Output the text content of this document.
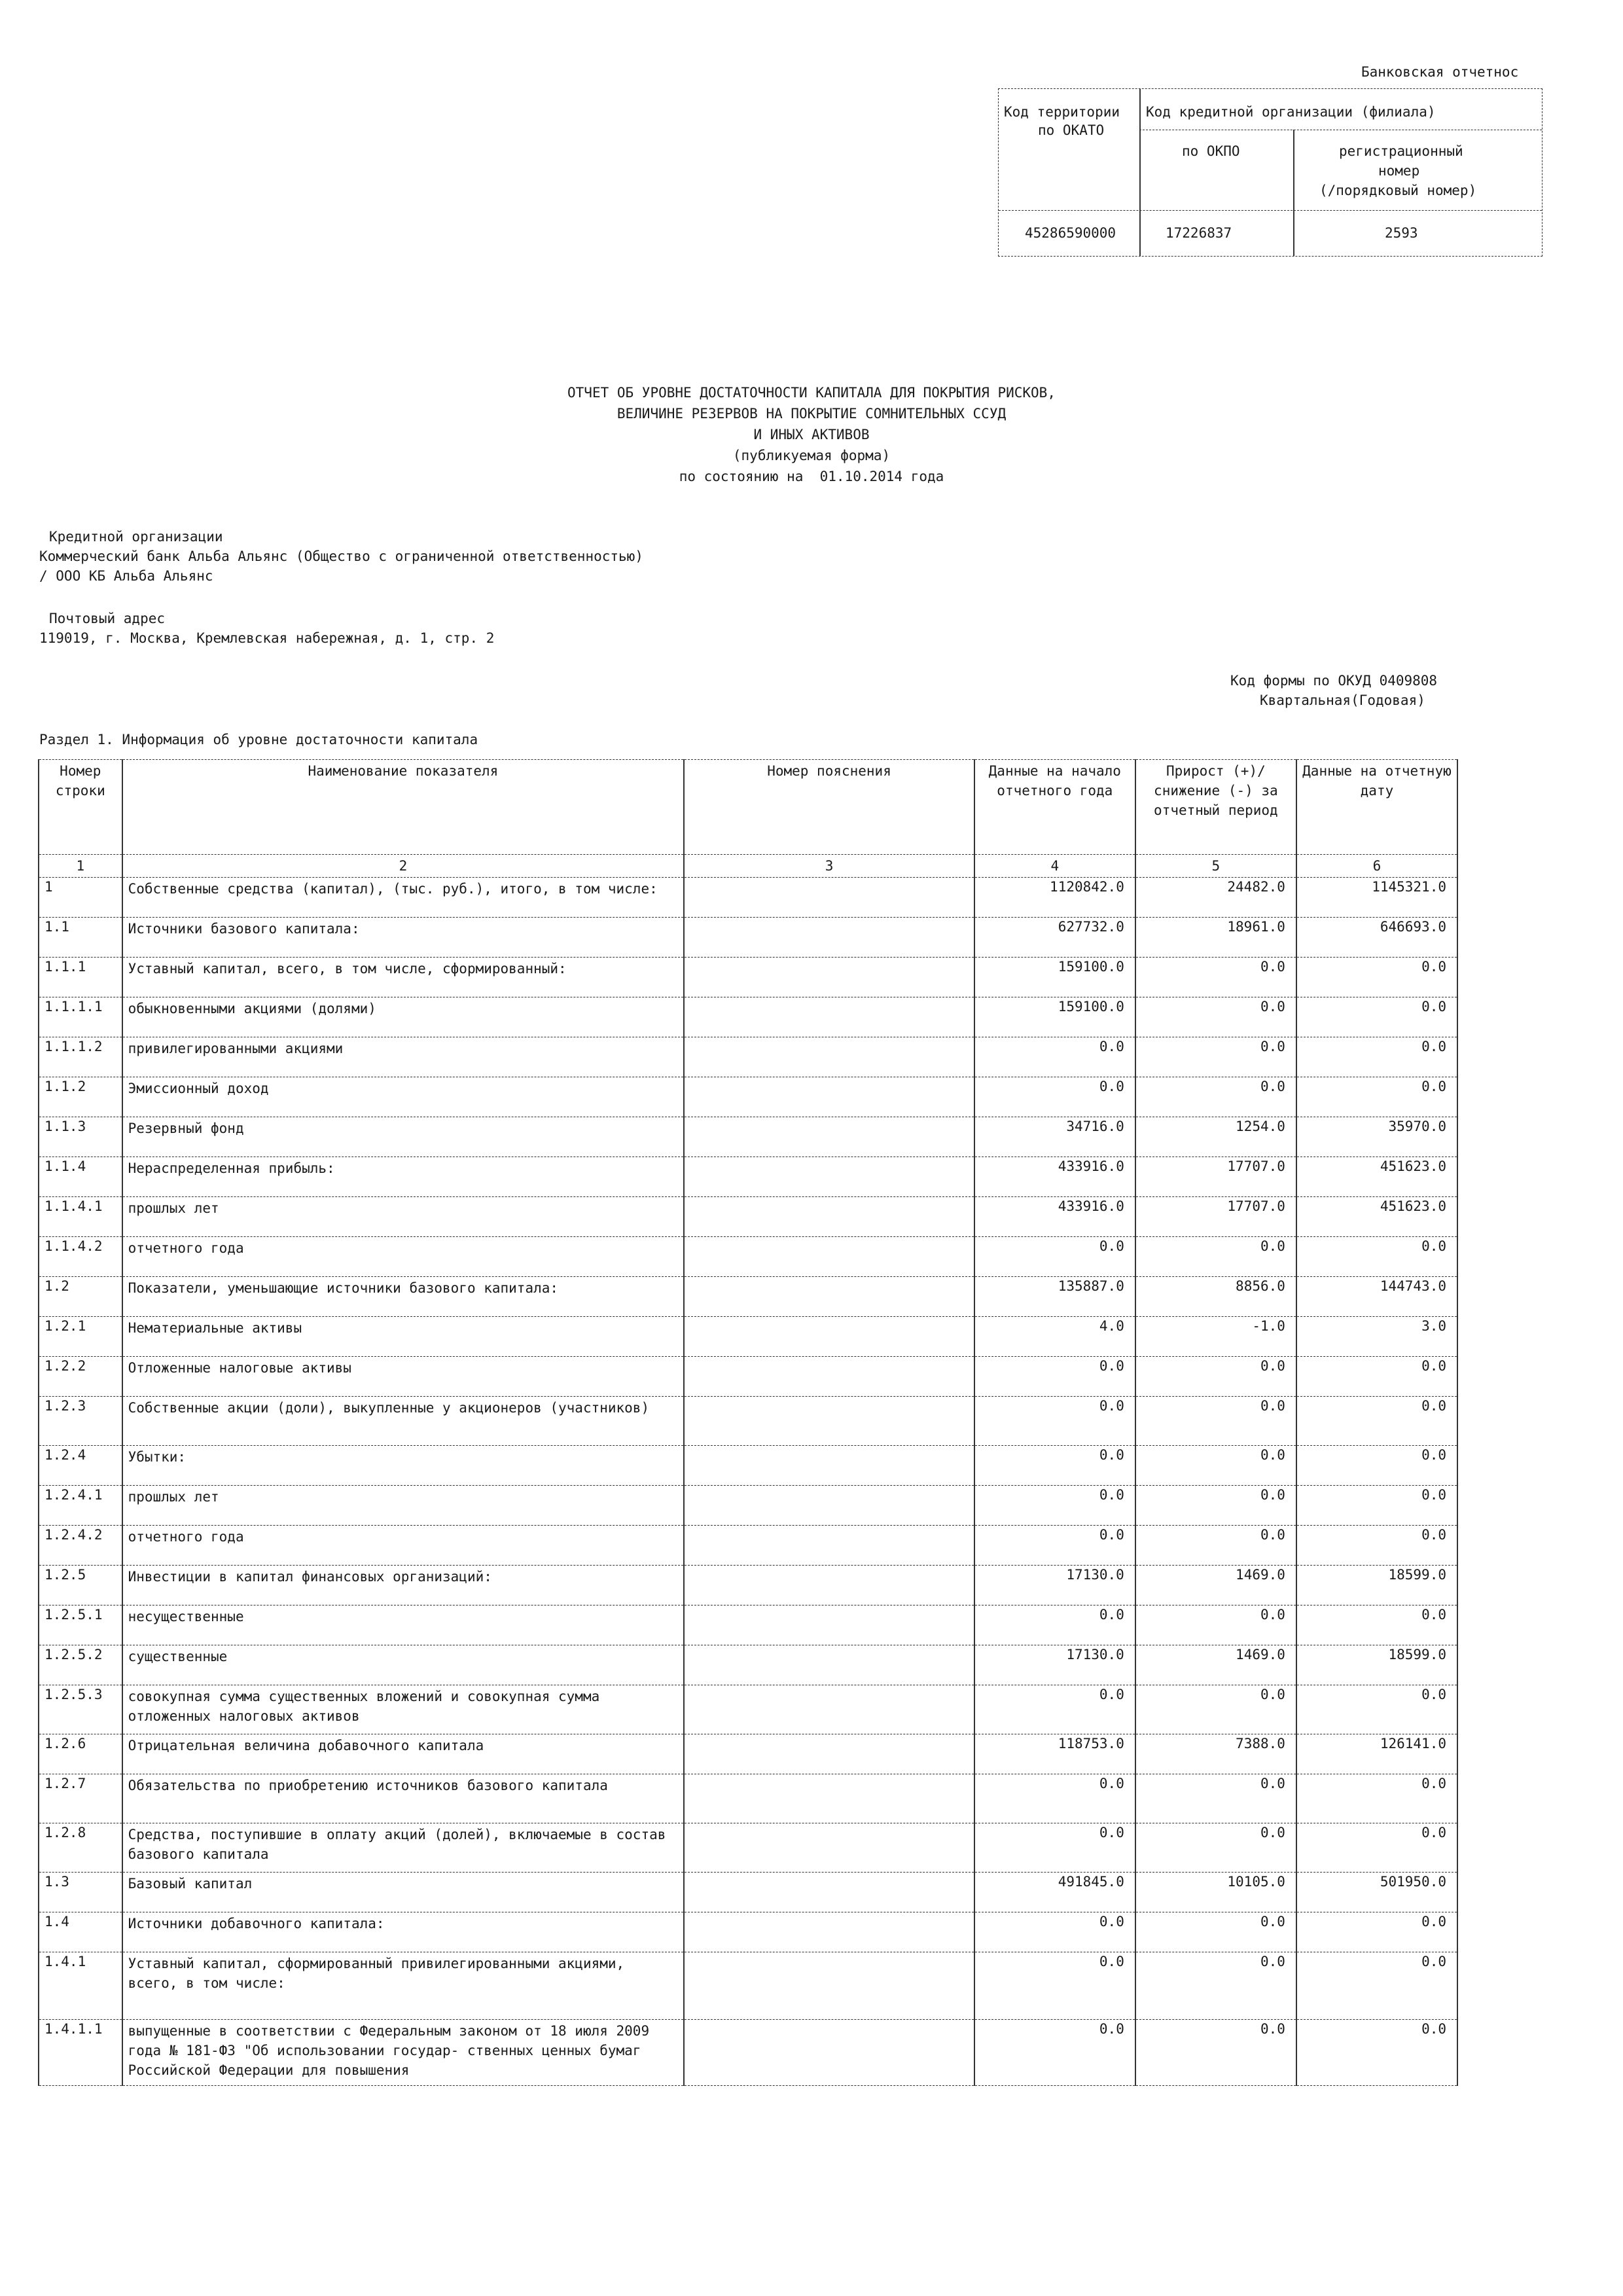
Банковская отчетнос
Код территории
по ОКАТО
Код кредитной организации (филиала)
по ОКПО	регистрационный
номер
(/порядковый номер)
45286590000	17226837	2593
ОТЧЕТ ОБ УРОВНЕ ДОСТАТОЧНОСТИ КАПИТАЛА ДЛЯ ПОКРЫТИЯ РИСКОВ,
ВЕЛИЧИНЕ РЕЗЕРВОВ НА ПОКРЫТИЕ СОМНИТЕЛЬНЫХ ССУД
И ИНЫХ АКТИВОВ
(публикуемая форма)
по состоянию на  01.10.2014 года
Кредитной организации
Коммерческий банк Альба Альянс (Общество с ограниченной ответственностью)
/ ООО КБ Альба Альянс
Почтовый адрес
119019, г. Москва, Кремлевская набережная, д. 1, стр. 2
Код формы по ОКУД 0409808
Квартальная(Годовая)
Раздел 1. Информация об уровне достаточности капитала
Номер строки	Наименование показателя	Номер пояснения	Данные на начало отчетного года	Прирост (+)/ снижение (-) за отчетный период	Данные на отчетную дату
1	2	3	4	5	6
1	Собственные средства (капитал), (тыс. руб.), итого, в том числе:		1120842.0	24482.0	1145321.0
1.1	Источники базового капитала:		627732.0	18961.0	646693.0
1.1.1	Уставный капитал, всего, в том числе, сформированный:		159100.0	0.0	0.0
1.1.1.1	обыкновенными акциями (долями)		159100.0	0.0	0.0
1.1.1.2	привилегированными акциями		0.0	0.0	0.0
1.1.2	Эмиссионный доход		0.0	0.0	0.0
1.1.3	Резервный фонд		34716.0	1254.0	35970.0
1.1.4	Нераспределенная прибыль:		433916.0	17707.0	451623.0
1.1.4.1	прошлых лет		433916.0	17707.0	451623.0
1.1.4.2	отчетного года		0.0	0.0	0.0
1.2	Показатели, уменьшающие источники базового капитала:		135887.0	8856.0	144743.0
1.2.1	Нематериальные активы		4.0	-1.0	3.0
1.2.2	Отложенные налоговые активы		0.0	0.0	0.0
1.2.3	Собственные акции (доли), выкупленные у акционеров (участников)		0.0	0.0	0.0
1.2.4	Убытки:		0.0	0.0	0.0
1.2.4.1	прошлых лет		0.0	0.0	0.0
1.2.4.2	отчетного года		0.0	0.0	0.0
1.2.5	Инвестиции в капитал финансовых организаций:		17130.0	1469.0	18599.0
1.2.5.1	несущественные		0.0	0.0	0.0
1.2.5.2	существенные		17130.0	1469.0	18599.0
1.2.5.3	совокупная сумма существенных вложений и совокупная сумма отложенных налоговых активов		0.0	0.0	0.0
1.2.6	Отрицательная величина добавочного капитала		118753.0	7388.0	126141.0
1.2.7	Обязательства по приобретению источников базового капитала		0.0	0.0	0.0
1.2.8	Средства, поступившие в оплату акций (долей), включаемые в состав базового капитала		0.0	0.0	0.0
1.3	Базовый капитал		491845.0	10105.0	501950.0
1.4	Источники добавочного капитала:		0.0	0.0	0.0
1.4.1	Уставный капитал, сформированный привилегированными акциями, всего, в том числе:		0.0	0.0	0.0
1.4.1.1	выпущенные в соответствии с Федеральным законом от 18 июля 2009 года № 181-ФЗ "Об использовании государ- ственных ценных бумаг Российской Федерации для повышения		0.0	0.0	0.0
